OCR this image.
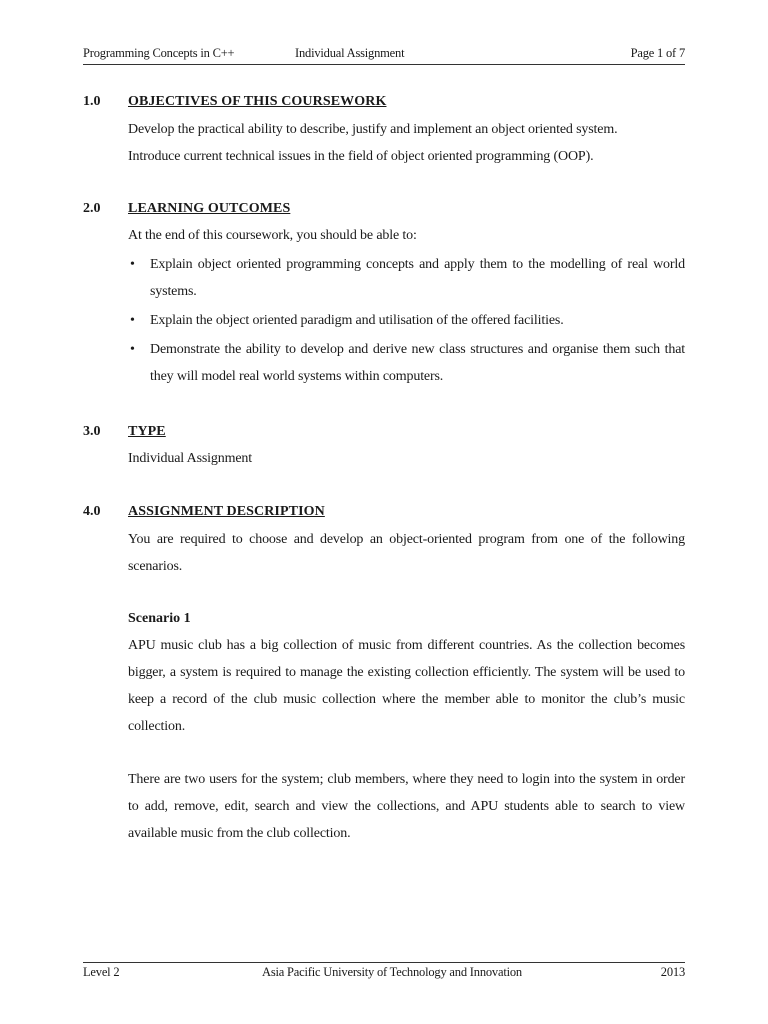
Programming Concepts in C++	Individual Assignment	Page 1 of 7
1.0 OBJECTIVES OF THIS COURSEWORK
Develop the practical ability to describe, justify and implement an object oriented system.
Introduce current technical issues in the field of object oriented programming (OOP).
2.0 LEARNING OUTCOMES
At the end of this coursework, you should be able to:
• Explain object oriented programming concepts and apply them to the modelling of real world systems.
• Explain the object oriented paradigm and utilisation of the offered facilities.
• Demonstrate the ability to develop and derive new class structures and organise them such that they will model real world systems within computers.
3.0 TYPE
Individual Assignment
4.0 ASSIGNMENT DESCRIPTION
You are required to choose and develop an object-oriented program from one of the following scenarios.
Scenario 1
APU music club has a big collection of music from different countries. As the collection becomes bigger, a system is required to manage the existing collection efficiently. The system will be used to keep a record of the club music collection where the member able to monitor the club’s music collection.
There are two users for the system; club members, where they need to login into the system in order to add, remove, edit, search and view the collections, and APU students able to search to view available music from the club collection.
Level 2	Asia Pacific University of Technology and Innovation	2013
